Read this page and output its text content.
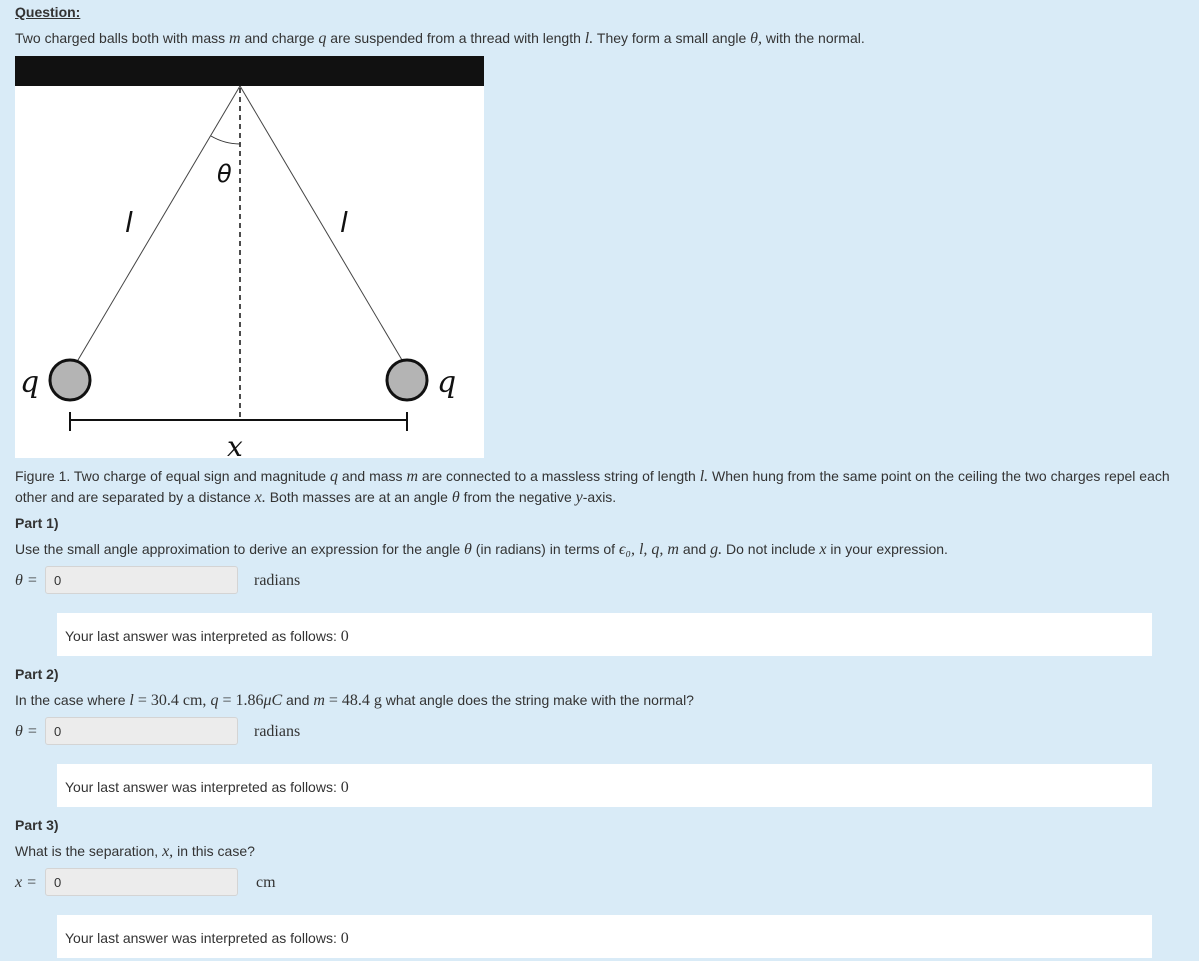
Question:
Two charged balls both with mass m and charge q are suspended from a thread with length l. They form a small angle θ, with the normal.
θ
l	l
q	q
x
Figure 1. Two charge of equal sign and magnitude q and mass m are connected to a massless string of length l. When hung from the same point on the ceiling the two charges repel each other and are separated by a distance x. Both masses are at an angle θ from the negative y-axis.
Part 1)
Use the small angle approximation to derive an expression for the angle θ (in radians) in terms of ϵ₀, l, q, m and g. Do not include x in your expression.
θ =
0	radians
Your last answer was interpreted as follows: 0
Part 2)
In the case where l = 30.4 cm, q = 1.86μC and m = 48.4 g what angle does the string make with the normal?
θ =
0	radians
Your last answer was interpreted as follows: 0
Part 3)
What is the separation, x, in this case?
x =
0	cm
Your last answer was interpreted as follows: 0
